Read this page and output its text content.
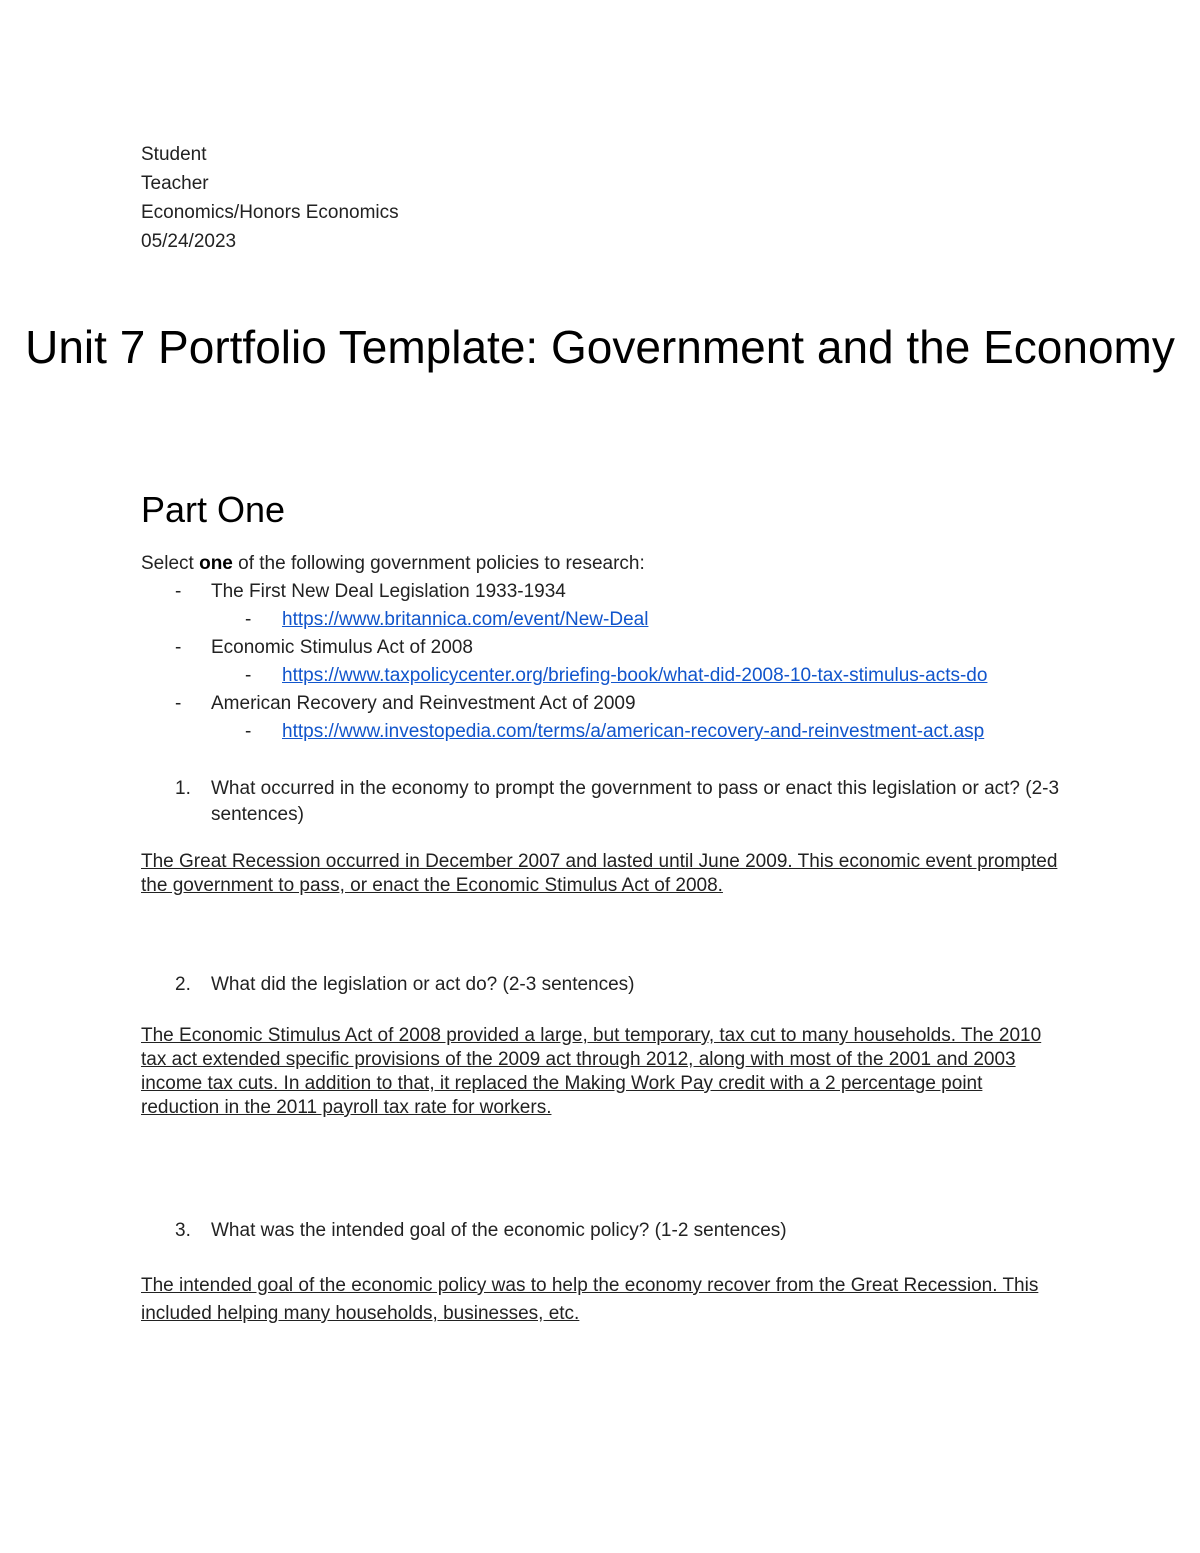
Student
Teacher
Economics/Honors Economics
05/24/2023
Unit 7 Portfolio Template: Government and the Economy
Part One
Select one of the following government policies to research:
- The First New Deal Legislation 1933-1934
- https://www.britannica.com/event/New-Deal
- Economic Stimulus Act of 2008
- https://www.taxpolicycenter.org/briefing-book/what-did-2008-10-tax-stimulus-acts-do
- American Recovery and Reinvestment Act of 2009
- https://www.investopedia.com/terms/a/american-recovery-and-reinvestment-act.asp
1. What occurred in the economy to prompt the government to pass or enact this legislation or act? (2-3 sentences)
The Great Recession occurred in December 2007 and lasted until June 2009. This economic event prompted the government to pass, or enact the Economic Stimulus Act of 2008.
2. What did the legislation or act do? (2-3 sentences)
The Economic Stimulus Act of 2008 provided a large, but temporary, tax cut to many households. The 2010 tax act extended specific provisions of the 2009 act through 2012, along with most of the 2001 and 2003 income tax cuts. In addition to that, it replaced the Making Work Pay credit with a 2 percentage point reduction in the 2011 payroll tax rate for workers.
3. What was the intended goal of the economic policy? (1-2 sentences)
The intended goal of the economic policy was to help the economy recover from the Great Recession. This included helping many households, businesses, etc.
